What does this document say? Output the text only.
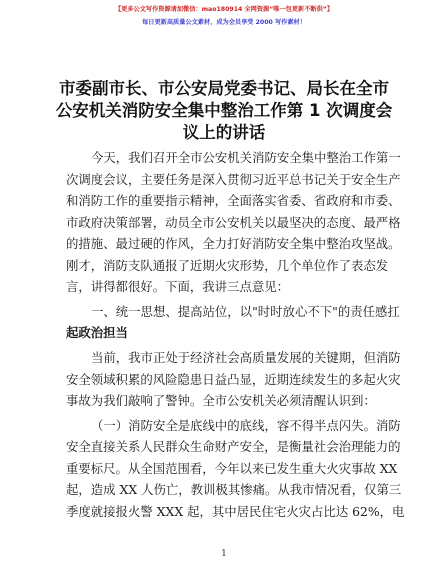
【更多公文写作资源请加微信：mao180914 全网资源“唯一包更新不断供”】
每日更新高质量公文素材，成为会员享受 2000 写作素材！
市委副市长、市公安局党委书记、局长在全市
公安机关消防安全集中整治工作第 1 次调度会
议上的讲话
今天，我们召开全市公安机关消防安全集中整治工作第一
次调度会议，主要任务是深入贯彻习近平总书记关于安全生产
和消防工作的重要指示精神，全面落实省委、省政府和市委、
市政府决策部署，动员全市公安机关以最坚决的态度、最严格
的措施、最过硬的作风，全力打好消防安全集中整治攻坚战。
刚才，消防支队通报了近期火灾形势，几个单位作了表态发
言，讲得都很好。下面，我讲三点意见：
一、统一思想、提高站位，以"时时放心不下"的责任感扛
起政治担当
当前，我市正处于经济社会高质量发展的关键期，但消防
安全领域积累的风险隐患日益凸显，近期连续发生的多起火灾
事故为我们敲响了警钟。全市公安机关必须清醒认识到：
（一）消防安全是底线中的底线，容不得半点闪失。消防
安全直接关系人民群众生命财产安全，是衡量社会治理能力的
重要标尺。从全国范围看，今年以来已发生重大火灾事故 XX
起，造成 XX 人伤亡，教训极其惨痛。从我市情况看，仅第三
季度就接报火警 XXX 起，其中居民住宅火灾占比达 62%，电
1
